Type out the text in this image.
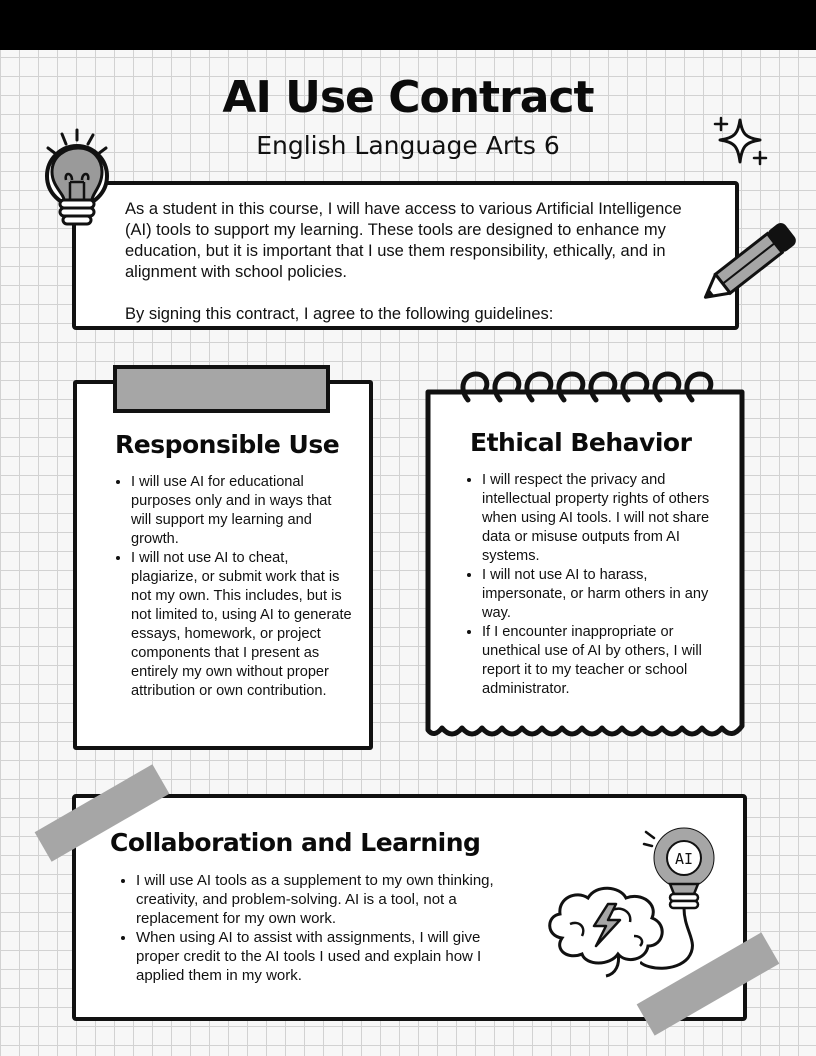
AI Use Contract

English Language Arts 6

As a student in this course, I will have access to various Artificial Intelligence (AI) tools to support my learning. These tools are designed to enhance my education, but it is important that I use them responsibility, ethically, and in alignment with school policies.

By signing this contract, I agree to the following guidelines:

Responsible Use
• I will use AI for educational purposes only and in ways that will support my learning and growth.
• I will not use AI to cheat, plagiarize, or submit work that is not my own. This includes, but is not limited to, using AI to generate essays, homework, or project components that I present as entirely my own without proper attribution or own contribution.
Ethical Behavior
• I will respect the privacy and intellectual property rights of others when using AI tools. I will not share data or misuse outputs from AI systems.
• I will not use AI to harass, impersonate, or harm others in any way.
• If I encounter inappropriate or unethical use of AI by others, I will report it to my teacher or school administrator.
Collaboration and Learning
• I will use AI tools as a supplement to my own thinking, creativity, and problem-solving. AI is a tool, not a replacement for my own work.
• When using AI to assist with assignments, I will give proper credit to the AI tools I used and explain how I applied them in my work.
AI
